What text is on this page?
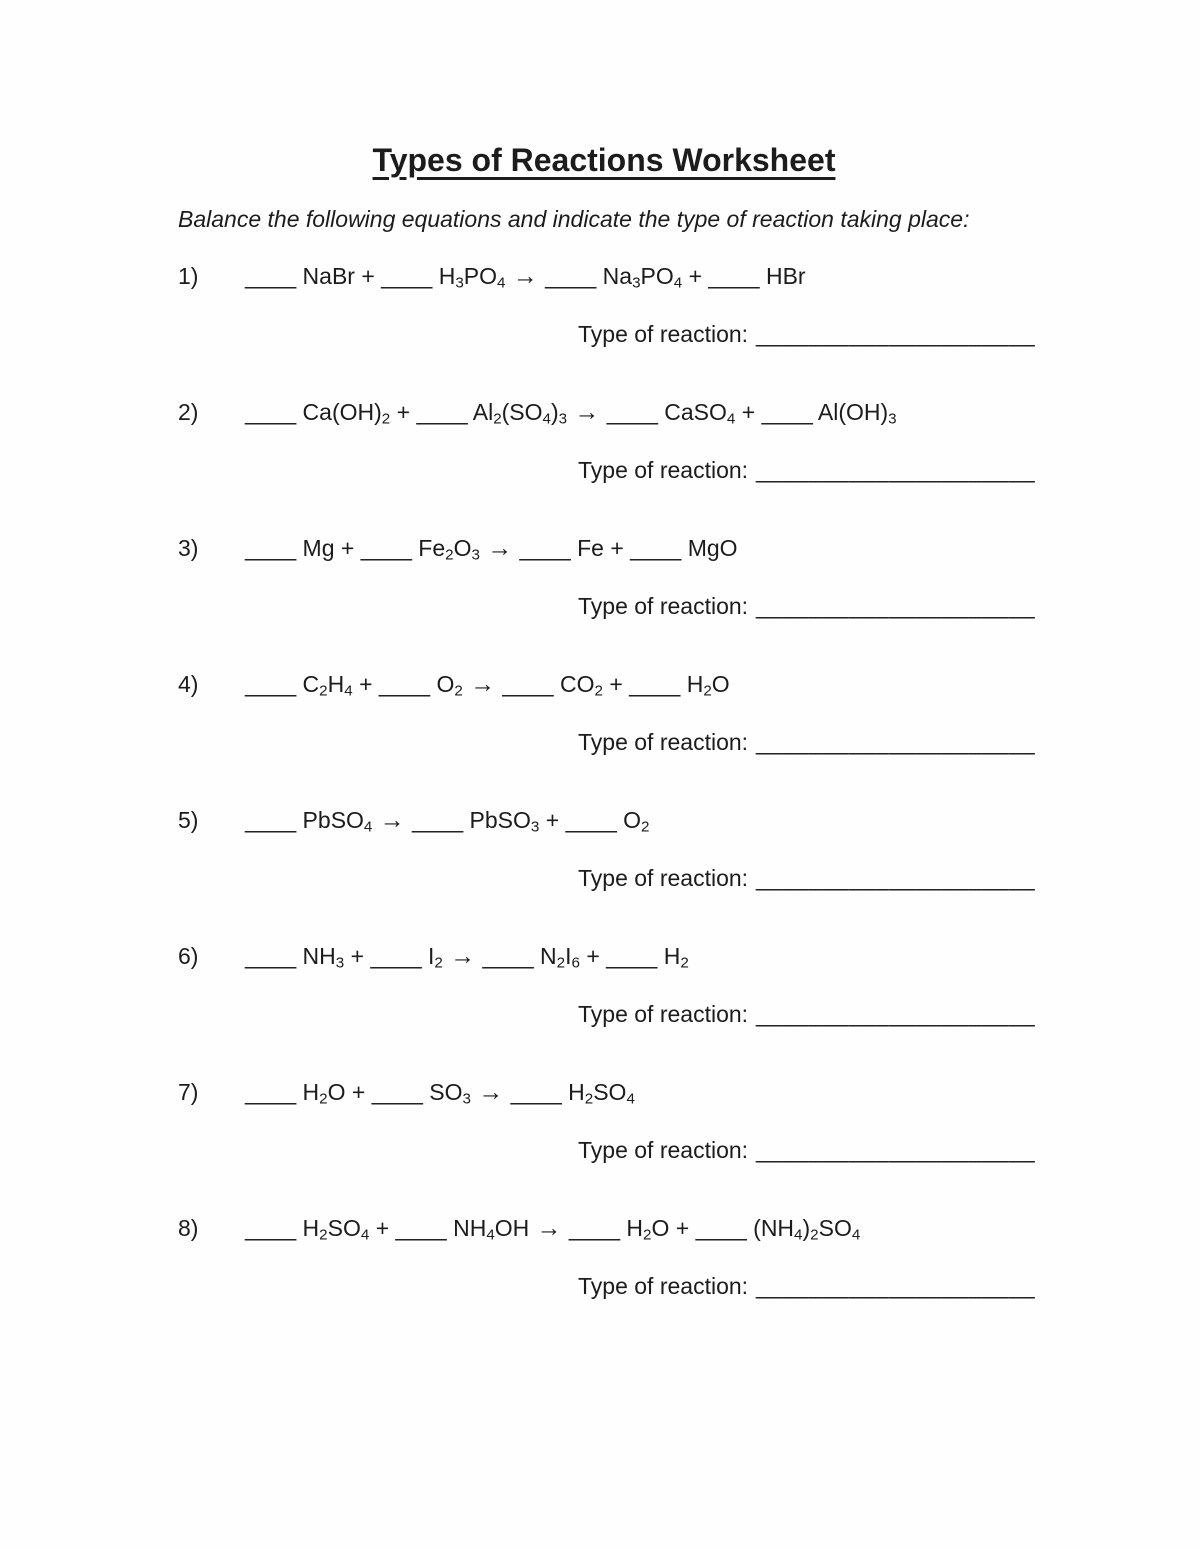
Types of Reactions Worksheet

Balance the following equations and indicate the type of reaction taking place:

1)	____ NaBr + ____ $H_3PO_4$ → ____ $Na_3PO_4$ + ____ HBr
Type of reaction: _____________________
2)	____ $Ca(OH)_2$ + ____ $Al_2(SO_4)_3$ → ____ CaSO$_4$ + ____ $Al(OH)_3$
Type of reaction: _____________________
3)	____ Mg + ____ $Fe_2O_3$ → ____ Fe + ____ MgO
Type of reaction: _____________________
4)	____ $C_2H_4$ + ____ $O_2$ → ____ $CO_2$ + ____ $H_2O$
Type of reaction: _____________________
5)	____ PbSO$_4$ → ____ PbSO$_3$ + ____ $O_2$
Type of reaction: _____________________
6)	____ $NH_3$ + ____ $I_2$ → ____ $N_2I_6$ + ____ $H_2$
Type of reaction: _____________________
7)	____ $H_2O$ + ____ $SO_3$ → ____ $H_2SO_4$
Type of reaction: _____________________
8)	____ $H_2SO_4$ + ____ $NH_4OH$ → ____ $H_2O$ + ____ $(NH_4)_2SO_4$
Type of reaction: _____________________
